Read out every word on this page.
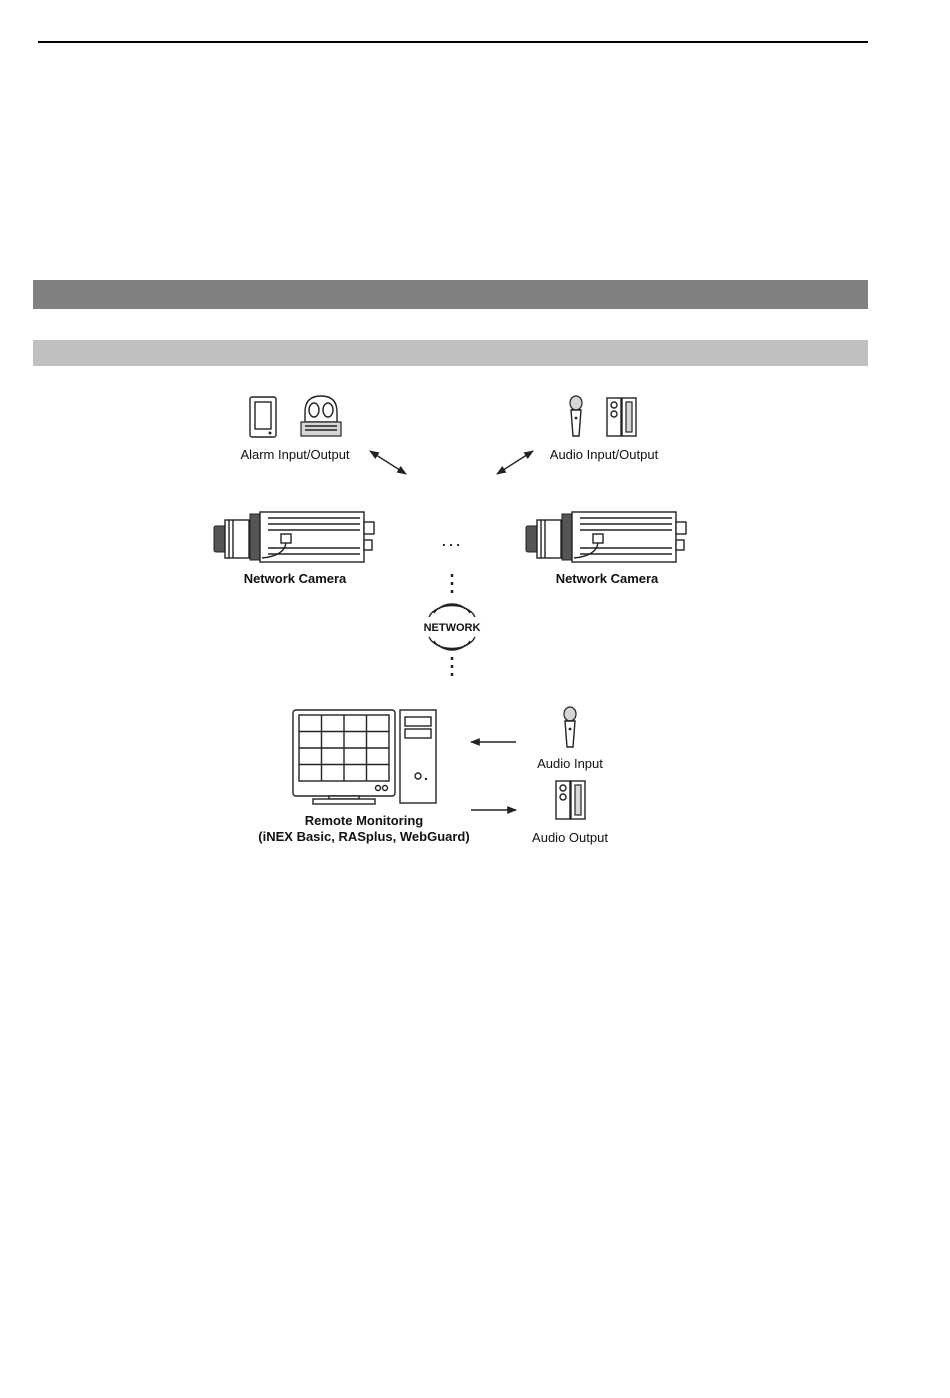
Alarm Input/Output	Audio Input/Output
Network Camera
. . .
Network Camera
NETWORK
Remote Monitoring
(iNEX Basic, RASplus, WebGuard)
Audio Input
Audio Output
